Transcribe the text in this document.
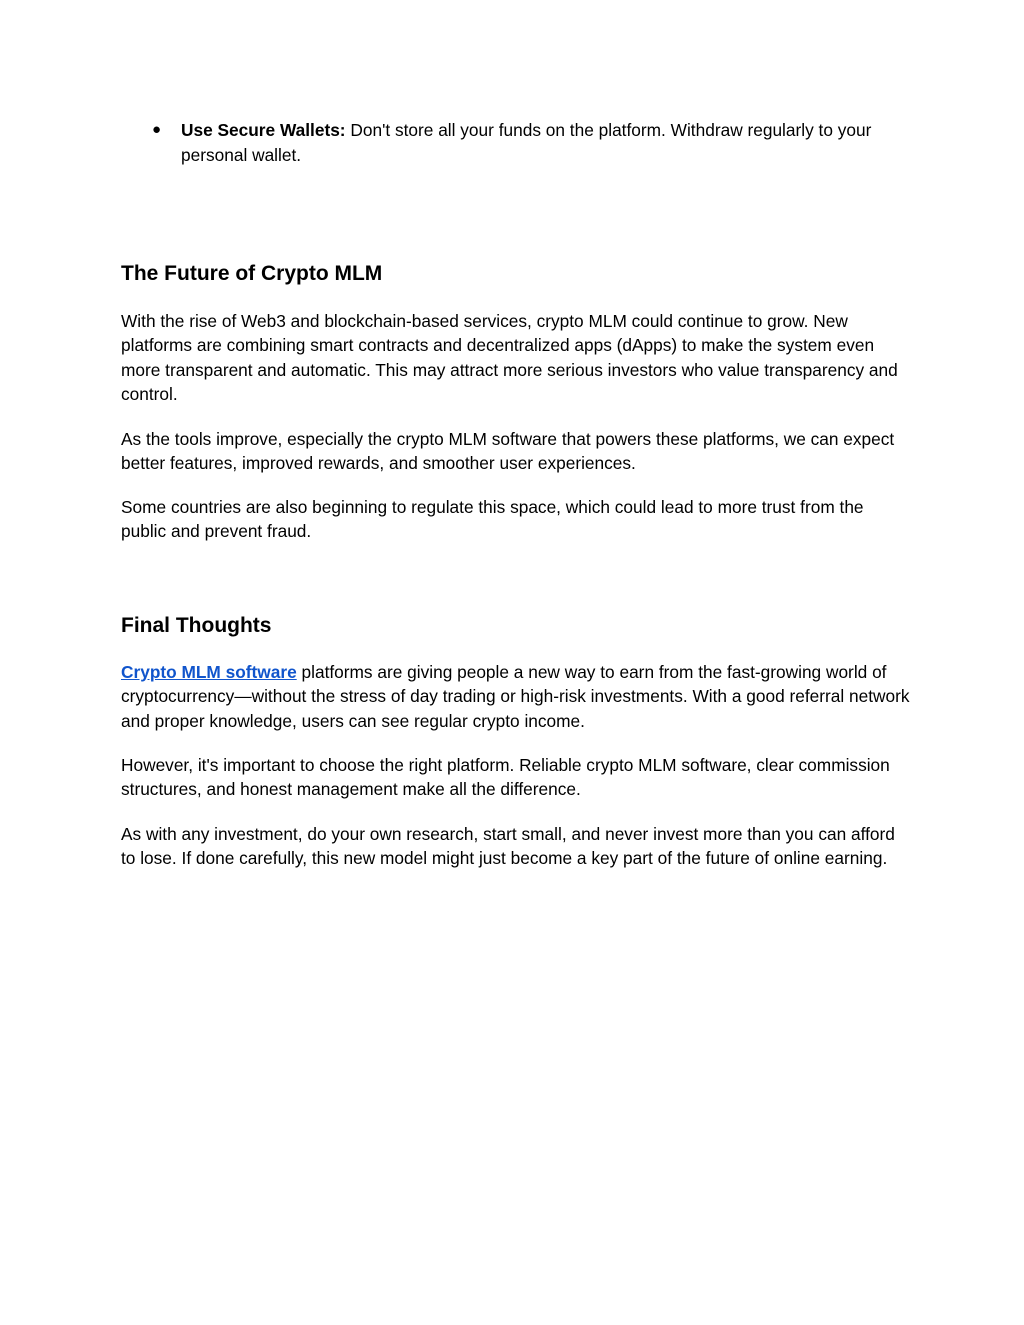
● Use Secure Wallets: Don't store all your funds on the platform. Withdraw regularly to your personal wallet.
The Future of Crypto MLM

With the rise of Web3 and blockchain-based services, crypto MLM could continue to grow. New platforms are combining smart contracts and decentralized apps (dApps) to make the system even more transparent and automatic. This may attract more serious investors who value transparency and control.

As the tools improve, especially the crypto MLM software that powers these platforms, we can expect better features, improved rewards, and smoother user experiences.

Some countries are also beginning to regulate this space, which could lead to more trust from the public and prevent fraud.

Final Thoughts

Crypto MLM software platforms are giving people a new way to earn from the fast-growing world of cryptocurrency—without the stress of day trading or high-risk investments. With a good referral network and proper knowledge, users can see regular crypto income.

However, it's important to choose the right platform. Reliable crypto MLM software, clear commission structures, and honest management make all the difference.

As with any investment, do your own research, start small, and never invest more than you can afford to lose. If done carefully, this new model might just become a key part of the future of online earning.
